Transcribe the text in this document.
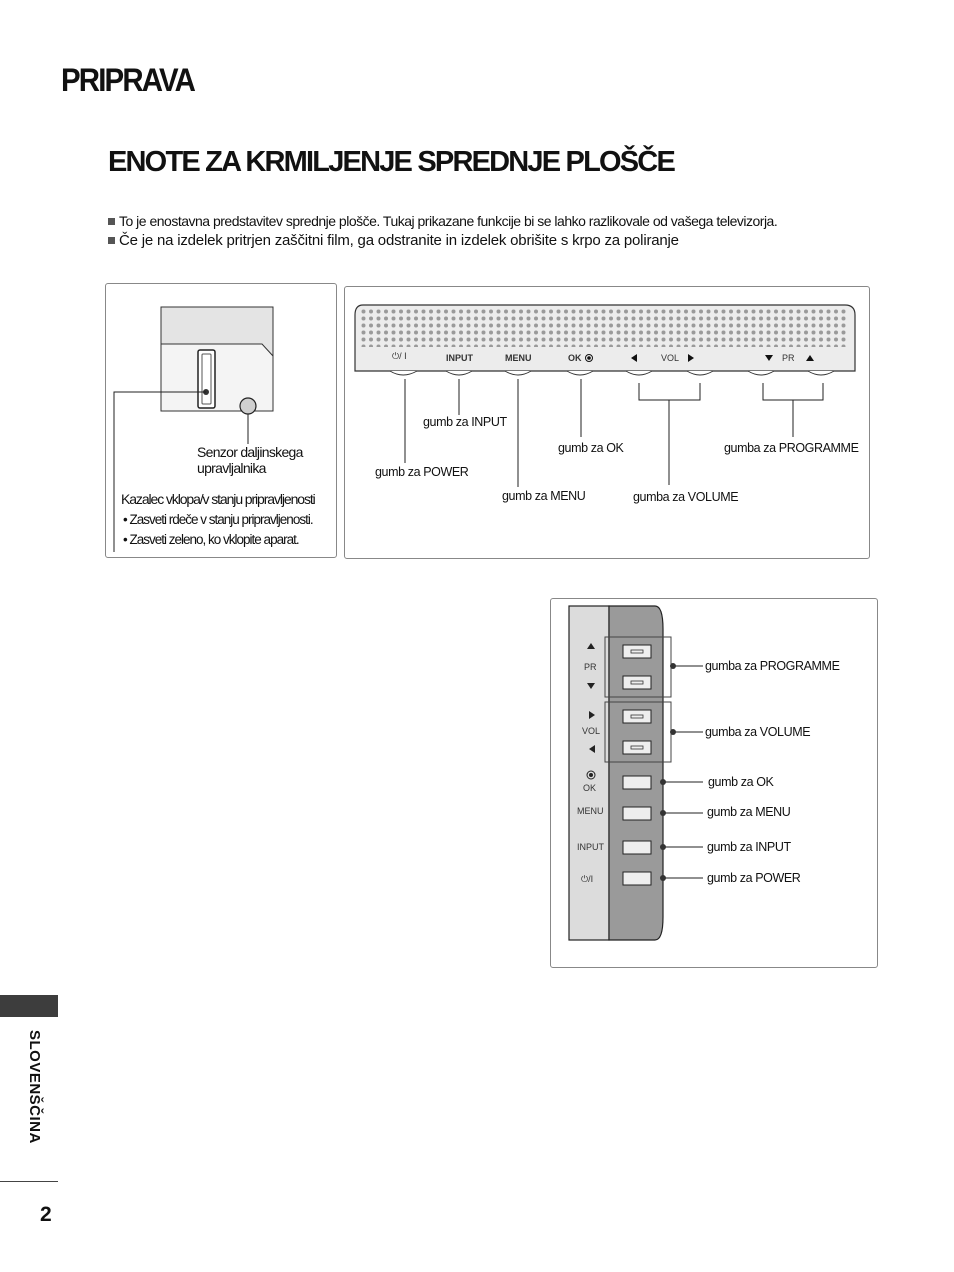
PRIPRAVA
ENOTE ZA KRMILJENJE SPREDNJE PLOŠČE
To je enostavna predstavitev sprednje plošče. Tukaj prikazane funkcije bi se lahko razlikovale od vašega televizorja.
Če je na izdelek pritrjen zaščitni film, ga odstranite in izdelek obrišite s krpo za poliranje
Senzor daljinskega
upravljalnika
Kazalec vklopa/v stanju pripravljenosti
• Zasveti rdeče v stanju pripravljenosti.
• Zasveti zeleno, ko vklopite aparat.
⏻/ I	INPUT	MENU	OK	VOL	PR
gumb za INPUT
gumb za OK	gumba za PROGRAMME
gumb za POWER
gumb za MENU	gumba za VOLUME
PR
VOL
OK
MENU
INPUT
⏻/I
gumba za PROGRAMME
gumba za VOLUME
gumb za OK
gumb za MENU
gumb za INPUT
gumb za POWER
SLOVENŠČINA
2
